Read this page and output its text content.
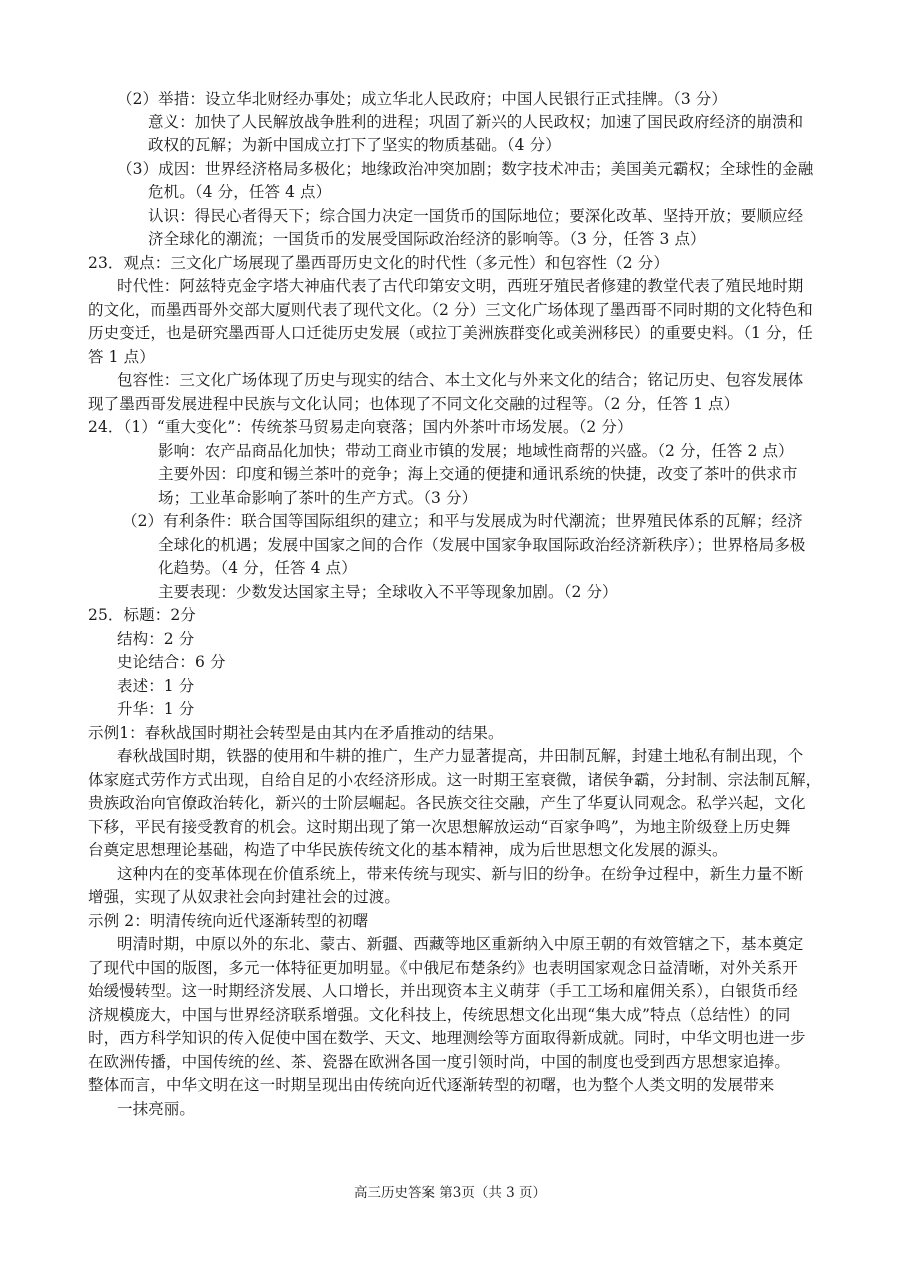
（2）举措：设立华北财经办事处；成立华北人民政府；中国人民银行正式挂牌。（3 分）
意义：加快了人民解放战争胜利的进程；巩固了新兴的人民政权；加速了国民政府经济的崩溃和
政权的瓦解；为新中国成立打下了坚实的物质基础。（4 分）
（3）成因：世界经济格局多极化；地缘政治冲突加剧；数字技术冲击；美国美元霸权；全球性的金融
危机。（4 分，任答 4 点）
认识：得民心者得天下；综合国力决定一国货币的国际地位；要深化改革、坚持开放；要顺应经
济全球化的潮流；一国货币的发展受国际政治经济的影响等。（3 分，任答 3 点）
23．观点：三文化广场展现了墨西哥历史文化的时代性（多元性）和包容性（2 分）
时代性：阿兹特克金字塔大神庙代表了古代印第安文明，西班牙殖民者修建的教堂代表了殖民地时期
的文化，而墨西哥外交部大厦则代表了现代文化。（2 分）三文化广场体现了墨西哥不同时期的文化特色和
历史变迁，也是研究墨西哥人口迁徙历史发展（或拉丁美洲族群变化或美洲移民）的重要史料。（1 分，任
答 1 点）
包容性：三文化广场体现了历史与现实的结合、本土文化与外来文化的结合；铭记历史、包容发展体
现了墨西哥发展进程中民族与文化认同；也体现了不同文化交融的过程等。（2 分，任答 1 点）
24．（1）“重大变化”：传统茶马贸易走向衰落；国内外茶叶市场发展。（2 分）
影响：农产品商品化加快；带动工商业市镇的发展；地域性商帮的兴盛。（2 分，任答 2 点）
主要外因：印度和锡兰茶叶的竞争；海上交通的便捷和通讯系统的快捷，改变了茶叶的供求市
场；工业革命影响了茶叶的生产方式。（3 分）
（2）有利条件：联合国等国际组织的建立；和平与发展成为时代潮流；世界殖民体系的瓦解；经济
全球化的机遇；发展中国家之间的合作（发展中国家争取国际政治经济新秩序）；世界格局多极
化趋势。（4 分，任答 4 点）
主要表现：少数发达国家主导；全球收入不平等现象加剧。（2 分）
25．标题：2分
结构：2 分
史论结合：6 分
表述：1 分
升华：1 分
示例1：春秋战国时期社会转型是由其内在矛盾推动的结果。
春秋战国时期，铁器的使用和牛耕的推广，生产力显著提高，井田制瓦解，封建土地私有制出现，个
体家庭式劳作方式出现，自给自足的小农经济形成。这一时期王室衰微，诸侯争霸，分封制、宗法制瓦解，
贵族政治向官僚政治转化，新兴的士阶层崛起。各民族交往交融，产生了华夏认同观念。私学兴起，文化
下移，平民有接受教育的机会。这时期出现了第一次思想解放运动“百家争鸣”，为地主阶级登上历史舞
台奠定思想理论基础，构造了中华民族传统文化的基本精神，成为后世思想文化发展的源头。
这种内在的变革体现在价值系统上，带来传统与现实、新与旧的纷争。在纷争过程中，新生力量不断
增强，实现了从奴隶社会向封建社会的过渡。
示例 2：明清传统向近代逐渐转型的初曙
明清时期，中原以外的东北、蒙古、新疆、西藏等地区重新纳入中原王朝的有效管辖之下，基本奠定
了现代中国的版图，多元一体特征更加明显。《中俄尼布楚条约》也表明国家观念日益清晰，对外关系开
始缓慢转型。这一时期经济发展、人口增长，并出现资本主义萌芽（手工工场和雇佣关系），白银货币经
济规模庞大，中国与世界经济联系增强。文化科技上，传统思想文化出现“集大成”特点（总结性）的同
时，西方科学知识的传入促使中国在数学、天文、地理测绘等方面取得新成就。同时，中华文明也进一步
在欧洲传播，中国传统的丝、茶、瓷器在欧洲各国一度引领时尚，中国的制度也受到西方思想家追捧。
整体而言，中华文明在这一时期呈现出由传统向近代逐渐转型的初曙，也为整个人类文明的发展带来
一抹亮丽。
高三历史答案 第3页（共 3 页）
